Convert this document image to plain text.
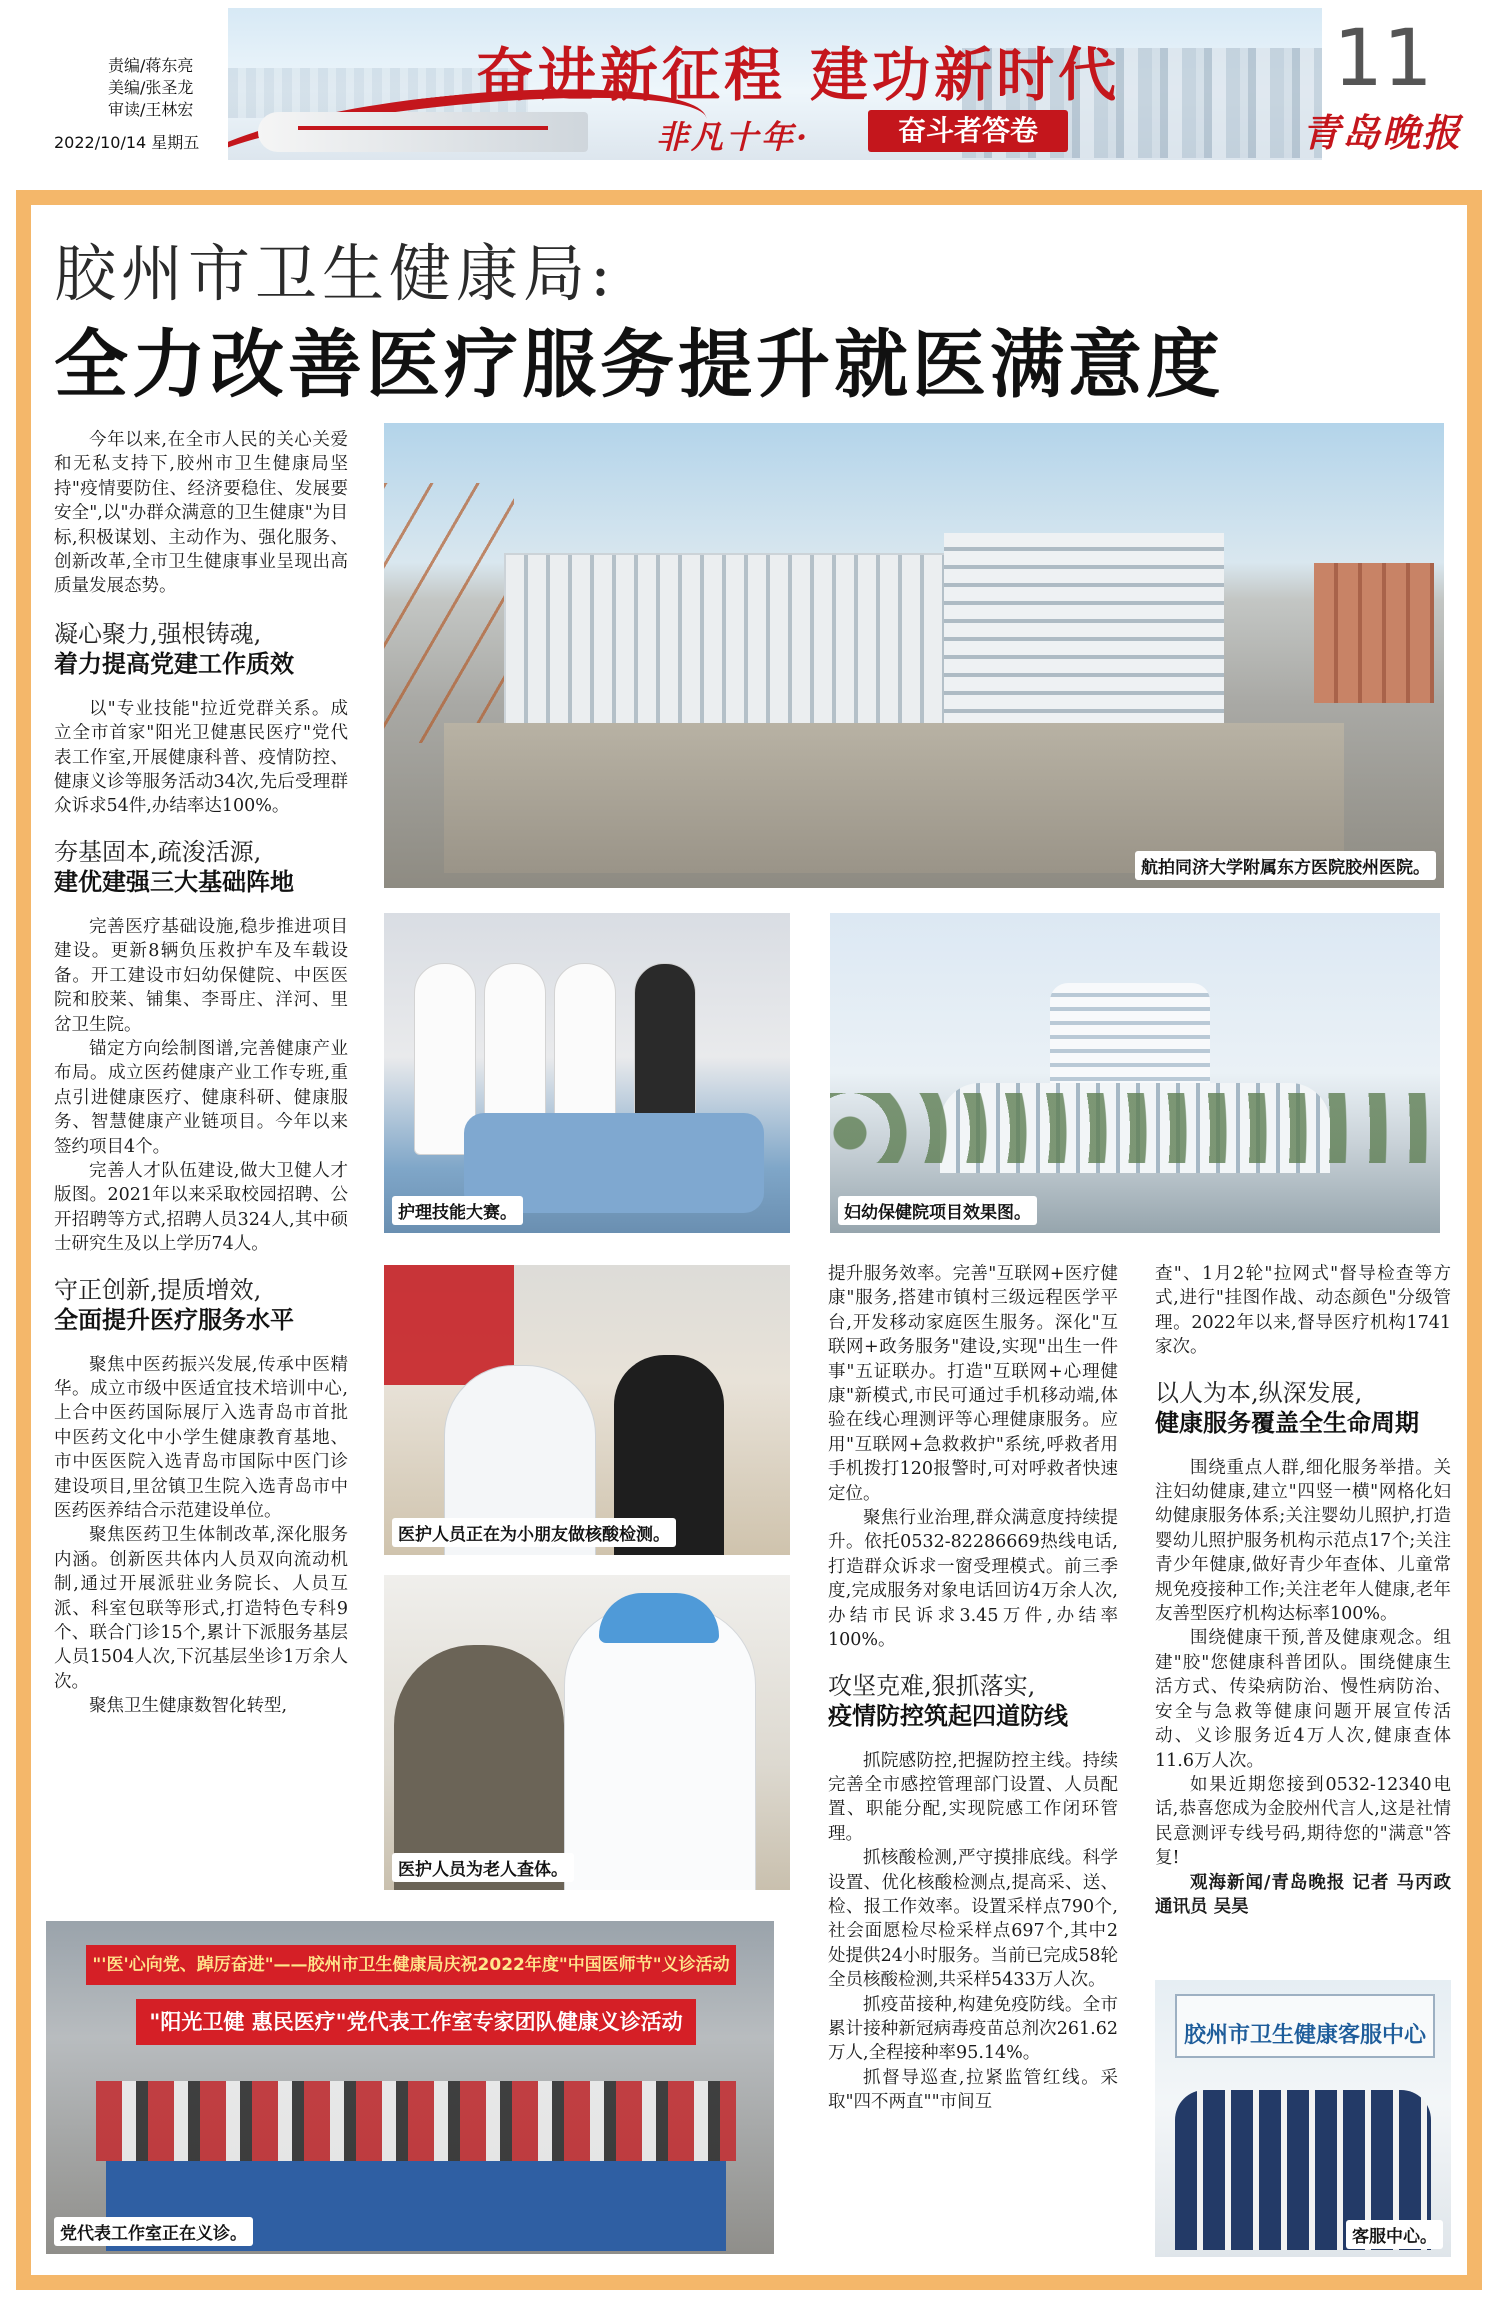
责编/蒋东亮
美编/张圣龙
审读/王林宏
2022/10/14 星期五
奋进新征程 建功新时代
非凡十年·	奋斗者答卷
11
青岛晚报
胶州市卫生健康局:
全力改善医疗服务提升就医满意度

今年以来,在全市人民的关心关爱和无私支持下,胶州市卫生健康局坚持"疫情要防住、经济要稳住、发展要安全",以"办群众满意的卫生健康"为目标,积极谋划、主动作为、强化服务、创新改革,全市卫生健康事业呈现出高质量发展态势。

凝心聚力,强根铸魂,
着力提高党建工作质效

以"专业技能"拉近党群关系。成立全市首家"阳光卫健惠民医疗"党代表工作室,开展健康科普、疫情防控、健康义诊等服务活动34次,先后受理群众诉求54件,办结率达100%。

夯基固本,疏浚活源,
建优建强三大基础阵地

完善医疗基础设施,稳步推进项目建设。更新8辆负压救护车及车载设备。开工建设市妇幼保健院、中医医院和胶莱、铺集、李哥庄、洋河、里岔卫生院。

锚定方向绘制图谱,完善健康产业布局。成立医药健康产业工作专班,重点引进健康医疗、健康科研、健康服务、智慧健康产业链项目。今年以来签约项目4个。

完善人才队伍建设,做大卫健人才版图。2021年以来采取校园招聘、公开招聘等方式,招聘人员324人,其中硕士研究生及以上学历74人。

守正创新,提质增效,
全面提升医疗服务水平

聚焦中医药振兴发展,传承中医精华。成立市级中医适宜技术培训中心,上合中医药国际展厅入选青岛市首批中医药文化中小学生健康教育基地、市中医医院入选青岛市国际中医门诊建设项目,里岔镇卫生院入选青岛市中医药医养结合示范建设单位。

聚焦医药卫生体制改革,深化服务内涵。创新医共体内人员双向流动机制,通过开展派驻业务院长、人员互派、科室包联等形式,打造特色专科9个、联合门诊15个,累计下派服务基层人员1504人次,下沉基层坐诊1万余人次。

聚焦卫生健康数智化转型,

提升服务效率。完善"互联网+医疗健康"服务,搭建市镇村三级远程医学平台,开发移动家庭医生服务。深化"互联网+政务服务"建设,实现"出生一件事"五证联办。打造"互联网+心理健康"新模式,市民可通过手机移动端,体验在线心理测评等心理健康服务。应用"互联网+急救救护"系统,呼救者用手机拨打120报警时,可对呼救者快速定位。

聚焦行业治理,群众满意度持续提升。依托0532-82286669热线电话,打造群众诉求一窗受理模式。前三季度,完成服务对象电话回访4万余人次,办结市民诉求3.45万件,办结率100%。

攻坚克难,狠抓落实,
疫情防控筑起四道防线

抓院感防控,把握防控主线。持续完善全市感控管理部门设置、人员配置、职能分配,实现院感工作闭环管理。

抓核酸检测,严守摸排底线。科学设置、优化核酸检测点,提高采、送、检、报工作效率。设置采样点790个,社会面愿检尽检采样点697个,其中2处提供24小时服务。当前已完成58轮全员核酸检测,共采样5433万人次。

抓疫苗接种,构建免疫防线。全市累计接种新冠病毒疫苗总剂次261.62万人,全程接种率95.14%。

抓督导巡查,拉紧监管红线。采取"四不两直""市间互

查"、1月2轮"拉网式"督导检查等方式,进行"挂图作战、动态颜色"分级管理。2022年以来,督导医疗机构1741家次。

以人为本,纵深发展,
健康服务覆盖全生命周期

围绕重点人群,细化服务举措。关注妇幼健康,建立"四竖一横"网格化妇幼健康服务体系;关注婴幼儿照护,打造婴幼儿照护服务机构示范点17个;关注青少年健康,做好青少年查体、儿童常规免疫接种工作;关注老年人健康,老年友善型医疗机构达标率100%。

围绕健康干预,普及健康观念。组建"胶"您健康科普团队。围绕健康生活方式、传染病防治、慢性病防治、安全与急救等健康问题开展宣传活动、义诊服务近4万人次,健康查体11.6万人次。

如果近期您接到0532-12340电话,恭喜您成为金胶州代言人,这是社情民意测评专线号码,期待您的"满意"答复!

观海新闻/青岛晚报 记者 马丙政 通讯员 吴昊

航拍同济大学附属东方医院胶州医院。
护理技能大赛。	妇幼保健院项目效果图。
医护人员正在为小朋友做核酸检测。
医护人员为老人查体。
"'医'心向党、踔厉奋进"——胶州市卫生健康局庆祝2022年度"中国医师节"义诊活动
"阳光卫健 惠民医疗"党代表工作室专家团队健康义诊活动
党代表工作室正在义诊。
胶州市卫生健康客服中心
客服中心。
